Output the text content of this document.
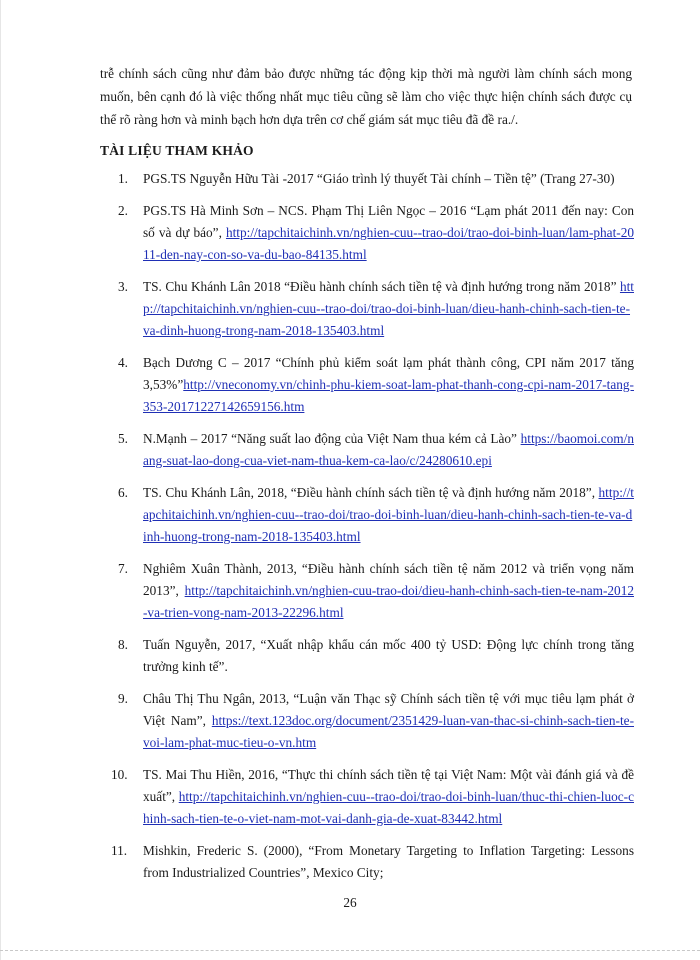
trễ chính sách cũng như đảm bảo được những tác động kịp thời mà người làm chính sách mong muốn, bên cạnh đó là việc thống nhất mục tiêu cũng sẽ làm cho việc thực hiện chính sách được cụ thể rõ ràng hơn và minh bạch hơn dựa trên cơ chế giám sát mục tiêu đã đề ra./.

TÀI LIỆU THAM KHẢO
1. PGS.TS Nguyễn Hữu Tài -2017 “Giáo trình lý thuyết Tài chính – Tiền tệ” (Trang 27-30)
2. PGS.TS Hà Minh Sơn – NCS. Phạm Thị Liên Ngọc – 2016 “Lạm phát 2011 đến nay: Con số và dự báo”, http://tapchitaichinh.vn/nghien-cuu--trao-doi/trao-doi-binh-luan/lam-phat-2011-den-nay-con-so-va-du-bao-84135.html
3. TS. Chu Khánh Lân 2018 “Điều hành chính sách tiền tệ và định hướng trong năm 2018” http://tapchitaichinh.vn/nghien-cuu--trao-doi/trao-doi-binh-luan/dieu-hanh-chinh-sach-tien-te-va-dinh-huong-trong-nam-2018-135403.html
4. Bạch Dương C – 2017 “Chính phủ kiểm soát lạm phát thành công, CPI năm 2017 tăng 3,53%”http://vneconomy.vn/chinh-phu-kiem-soat-lam-phat-thanh-cong-cpi-nam-2017-tang-353-20171227142659156.htm
5. N.Mạnh – 2017 “Năng suất lao động của Việt Nam thua kém cả Lào” https://baomoi.com/nang-suat-lao-dong-cua-viet-nam-thua-kem-ca-lao/c/24280610.epi
6. TS. Chu Khánh Lân, 2018, “Điều hành chính sách tiền tệ và định hướng năm 2018”, http://tapchitaichinh.vn/nghien-cuu--trao-doi/trao-doi-binh-luan/dieu-hanh-chinh-sach-tien-te-va-dinh-huong-trong-nam-2018-135403.html
7. Nghiêm Xuân Thành, 2013, “Điều hành chính sách tiền tệ năm 2012 và triển vọng năm 2013”, http://tapchitaichinh.vn/nghien-cuu-trao-doi/dieu-hanh-chinh-sach-tien-te-nam-2012-va-trien-vong-nam-2013-22296.html
8. Tuấn Nguyễn, 2017, “Xuất nhập khẩu cán mốc 400 tỷ USD: Động lực chính trong tăng trưởng kinh tế”.
9. Châu Thị Thu Ngân, 2013, “Luận văn Thạc sỹ Chính sách tiền tệ với mục tiêu lạm phát ở Việt Nam”, https://text.123doc.org/document/2351429-luan-van-thac-si-chinh-sach-tien-te-voi-lam-phat-muc-tieu-o-vn.htm
10. TS. Mai Thu Hiền, 2016, “Thực thi chính sách tiền tệ tại Việt Nam: Một vài đánh giá và đề xuất”, http://tapchitaichinh.vn/nghien-cuu--trao-doi/trao-doi-binh-luan/thuc-thi-chien-luoc-chinh-sach-tien-te-o-viet-nam-mot-vai-danh-gia-de-xuat-83442.html
11. Mishkin, Frederic S. (2000), “From Monetary Targeting to Inflation Targeting: Lessons from Industrialized Countries”, Mexico City;
26
